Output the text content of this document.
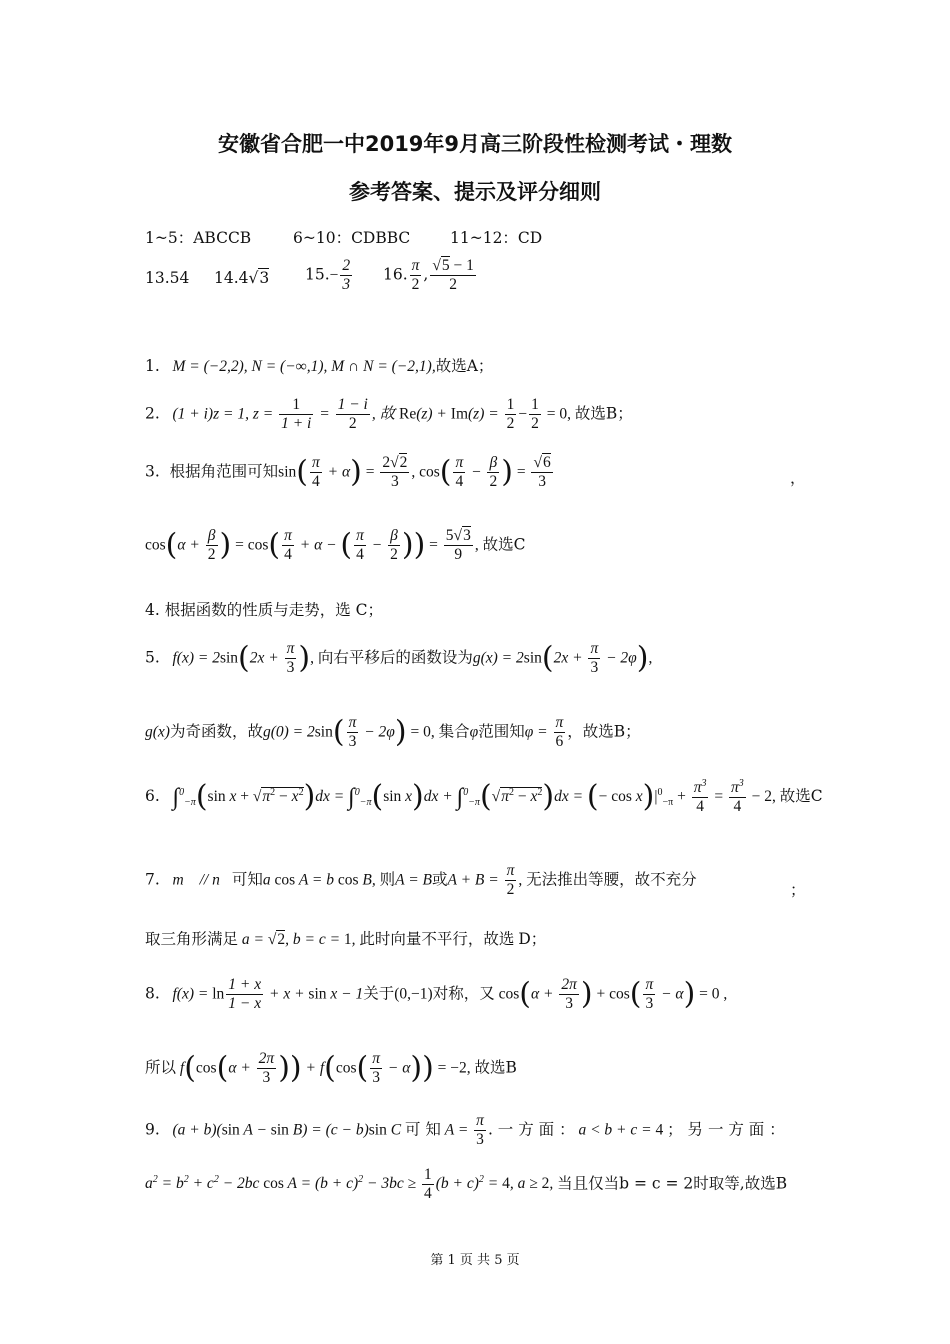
安徽省合肥一中2019年9月高三阶段性检测考试・理数
参考答案、提示及评分细则
1~5：ABCCB	6~10：CDBBC	11~12：CD
13.54 14.4√3 $15.- \frac{2}{3} 16$. $\frac{\pi}{2}$ , $\frac{√5 - 1}{2}$
1.   M = (−2,2), N = (−∞,1), M ∩ N = (−2,1),故选A；
2.   (1 + i)z = 1, $z = \frac{1}{1 + i} = \frac{1 - i}{2}$ , 故 $Re(z) + Im(z) = \frac{1}{2} - \frac{1}{2} = 0$, 故选B；
3. 根据角范围可知$\sin( \frac{\pi}{4} + \alpha) = \frac{2√2}{3}$ , $\cos( \frac{\pi}{4} - \frac{\beta}{2}$ ) = $\frac{√6}{3}$	，
$\cos(\alpha + \frac{\beta}{2}$ ) = $\cos( \frac{\pi}{4} + \alpha$ − ( $\frac{\pi}{4} - \frac{\beta}{2}$ )) = $\frac{5√3}{9}$ , 故选C
4. 根据函数的性质与走势，选 C；
5.   $f(x) = 2\sin(2x + \frac{\pi}{3}$ ), 向右平移后的函数设为$g(x) = 2\sin(2x + \frac{\pi}{3} - 2\varphi)$,
g(x)为奇函数，故$g(0) = 2\sin( \frac{\pi}{3} - 2\varphi) = 0$, 集合φ范围知$\varphi = \frac{\pi}{6}$ ，故选B；
6. ∫$^0_{-\pi}$(sin $x + √\pi^2 - x^2)dx = \int^0_{-\pi}(\sin$ $x)dx + \int^0_{-\pi}(√\pi^2 - x^2)dx$ = (− $\cos x)|^0_{-\pi} + \frac{\pi^3}{4} = \frac{\pi^3}{4} - 2$, 故选C
7.   m⃗ // n⃗可知a cos A = b cos B, 则A = B或$A + B = \frac{\pi}{2}$ , 无法推出等腰，故不充分
；
取三角形满足 a = √2, b = c = 1, 此时向量不平行，故选 D；
8.   $f(x) = \ln \frac{1 + x}{1 - x} + x + \sin x - 1$关于(0,−1)对称，又 $\cos(\alpha + \frac{2\pi}{3}$ ) + $\cos( \frac{\pi}{3} - \alpha) = 0$ ,
所以 $f(\cos(\alpha + \frac{2\pi}{3}$ )) + $f(\cos( \frac{\pi}{3} - \alpha)) = -2$, 故选B
9.   (a + b)(sin A − sin B) = (c − b)sin C 可 知 $A = \frac{\pi}{3}$ . 一 方 面 ： a < b + c = 4 ； 另 一 方 面 ：
$a^2 = b^2 + c^2 - 2bc$ $\cos A = (b + c)^2 - 3bc \ge \frac{1}{4} (b + c)^2 = 4$, a ≥ 2, 当且仅当b = c = 2时取等,故选B
第 1 页 共 5 页
